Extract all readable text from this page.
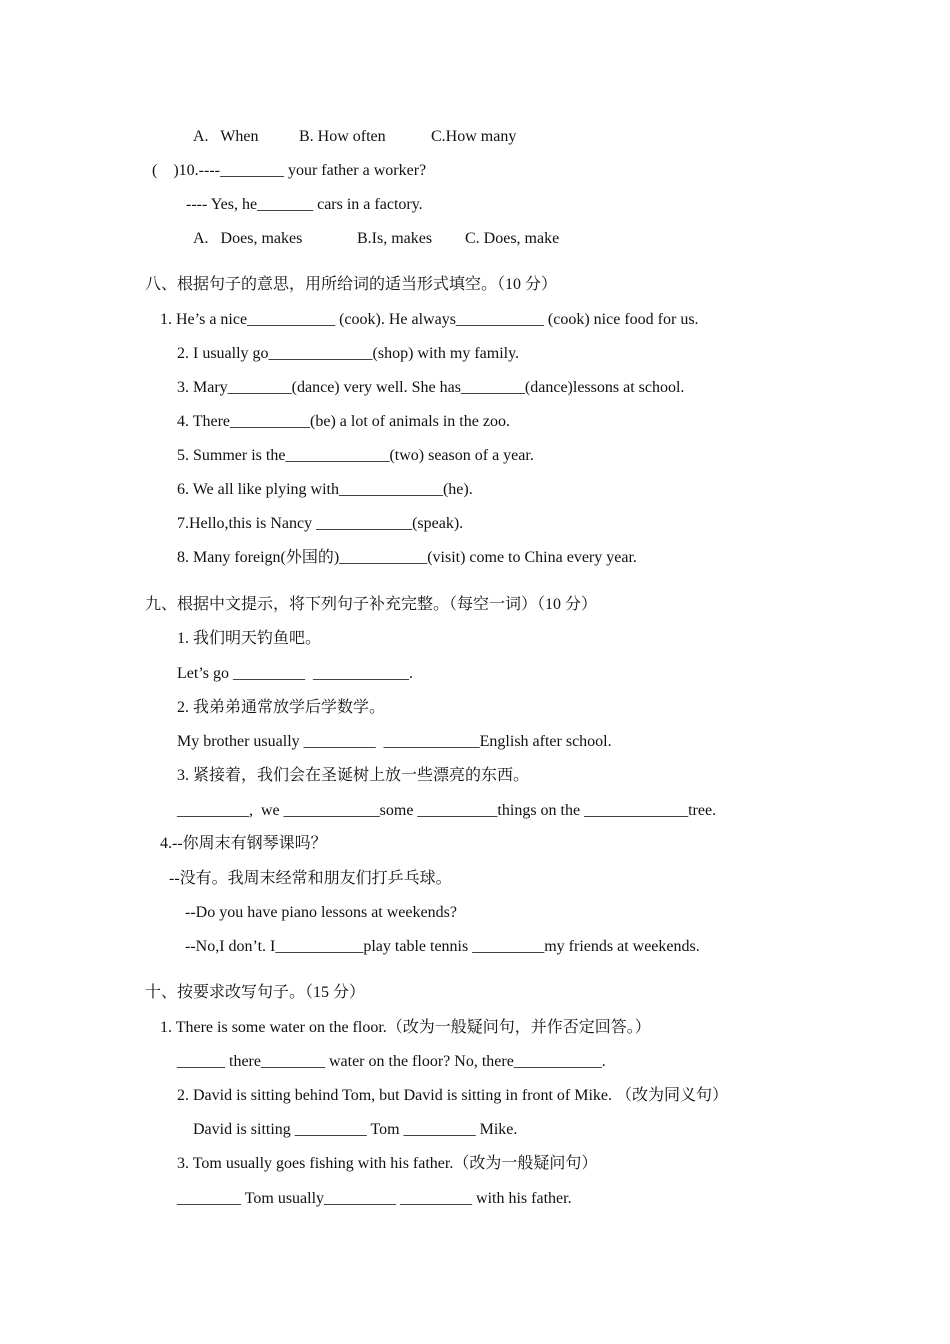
A.   When	B. How often	C.How many
(    )10.----________ your father a worker?
---- Yes, he_______ cars in a factory.
A.   Does, makes	B.Is, makes C. Does, make
八、根据句子的意思，用所给词的适当形式填空。（10 分）
1. He’s a nice___________ (cook). He always___________ (cook) nice food for us.
2. I usually go_____________(shop) with my family.
3. Mary________(dance) very well. She has________(dance)lessons at school.
4. There__________(be) a lot of animals in the zoo.
5. Summer is the_____________(two) season of a year.
6. We all like plying with_____________(he).
7.Hello,this is Nancy ____________(speak).
8. Many foreign(外国的)___________(visit) come to China every year.
九、根据中文提示，将下列句子补充完整。（每空一词）（10 分）
1. 我们明天钓鱼吧。
Let’s go _________  ____________.
2. 我弟弟通常放学后学数学。
My brother usually _________  ____________English after school.
3. 紧接着，我们会在圣诞树上放一些漂亮的东西。
_________,  we ____________some __________things on the _____________tree.
4.--你周末有钢琴课吗？
--没有。我周末经常和朋友们打乒乓球。
--Do you have piano lessons at weekends?
--No,I don’t. I___________play table tennis _________my friends at weekends.
十、按要求改写句子。（15 分）
1. There is some water on the floor.（改为一般疑问句，并作否定回答。）
______ there________ water on the floor? No, there___________.
2. David is sitting behind Tom, but David is sitting in front of Mike. （改为同义句）
David is sitting _________ Tom _________ Mike.
3. Tom usually goes fishing with his father.（改为一般疑问句）
________ Tom usually_________ _________ with his father.
